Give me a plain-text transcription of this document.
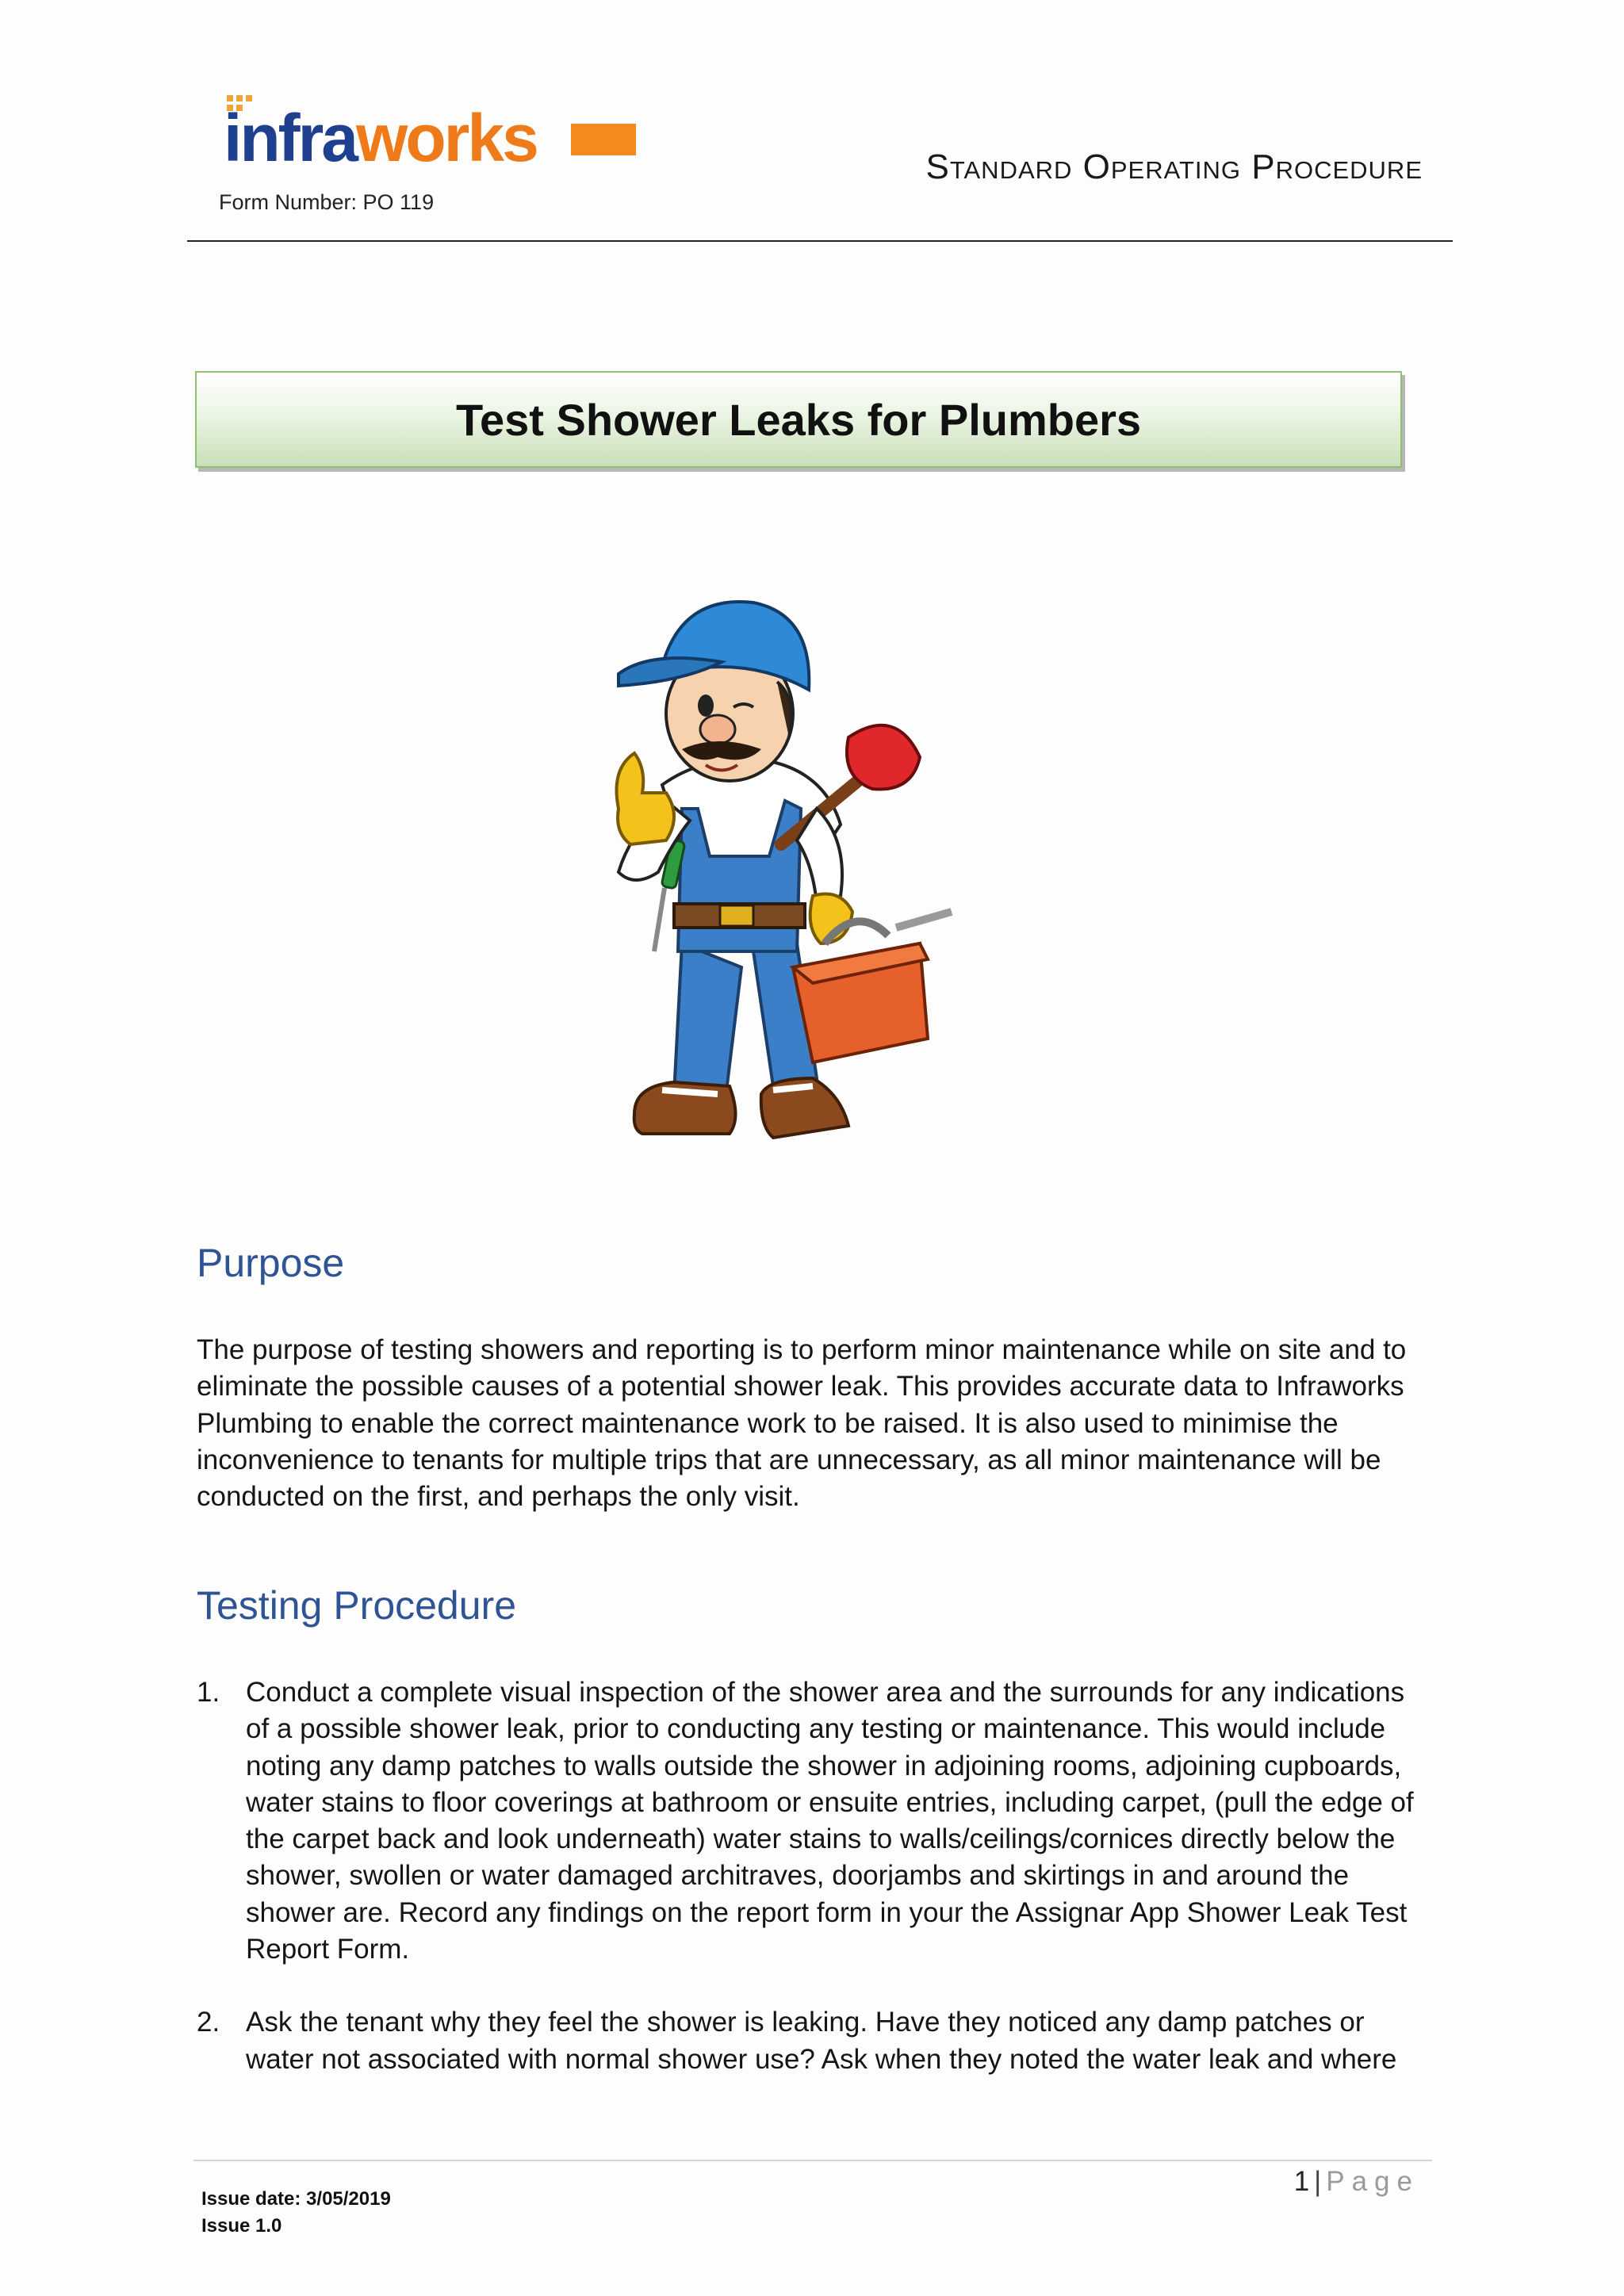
infraworks
Form Number: PO 119
Standard Operating Procedure
Test Shower Leaks for Plumbers
Purpose
The purpose of testing showers and reporting is to perform minor maintenance while on site and to eliminate the possible causes of a potential shower leak. This provides accurate data to Infraworks Plumbing to enable the correct maintenance work to be raised. It is also used to minimise the inconvenience to tenants for multiple trips that are unnecessary, as all minor maintenance will be conducted on the first, and perhaps the only visit.
Testing Procedure
1. Conduct a complete visual inspection of the shower area and the surrounds for any indications of a possible shower leak, prior to conducting any testing or maintenance. This would include noting any damp patches to walls outside the shower in adjoining rooms, adjoining cupboards, water stains to floor coverings at bathroom or ensuite entries, including carpet, (pull the edge of the carpet back and look underneath) water stains to walls/ceilings/cornices directly below the shower, swollen or water damaged architraves, doorjambs and skirtings in and around the shower are. Record any findings on the report form in your the Assignar App Shower Leak Test Report Form.
2. Ask the tenant why they feel the shower is leaking. Have they noticed any damp patches or water not associated with normal shower use? Ask when they noted the water leak and where
1 | Page
Issue date: 3/05/2019
Issue 1.0
